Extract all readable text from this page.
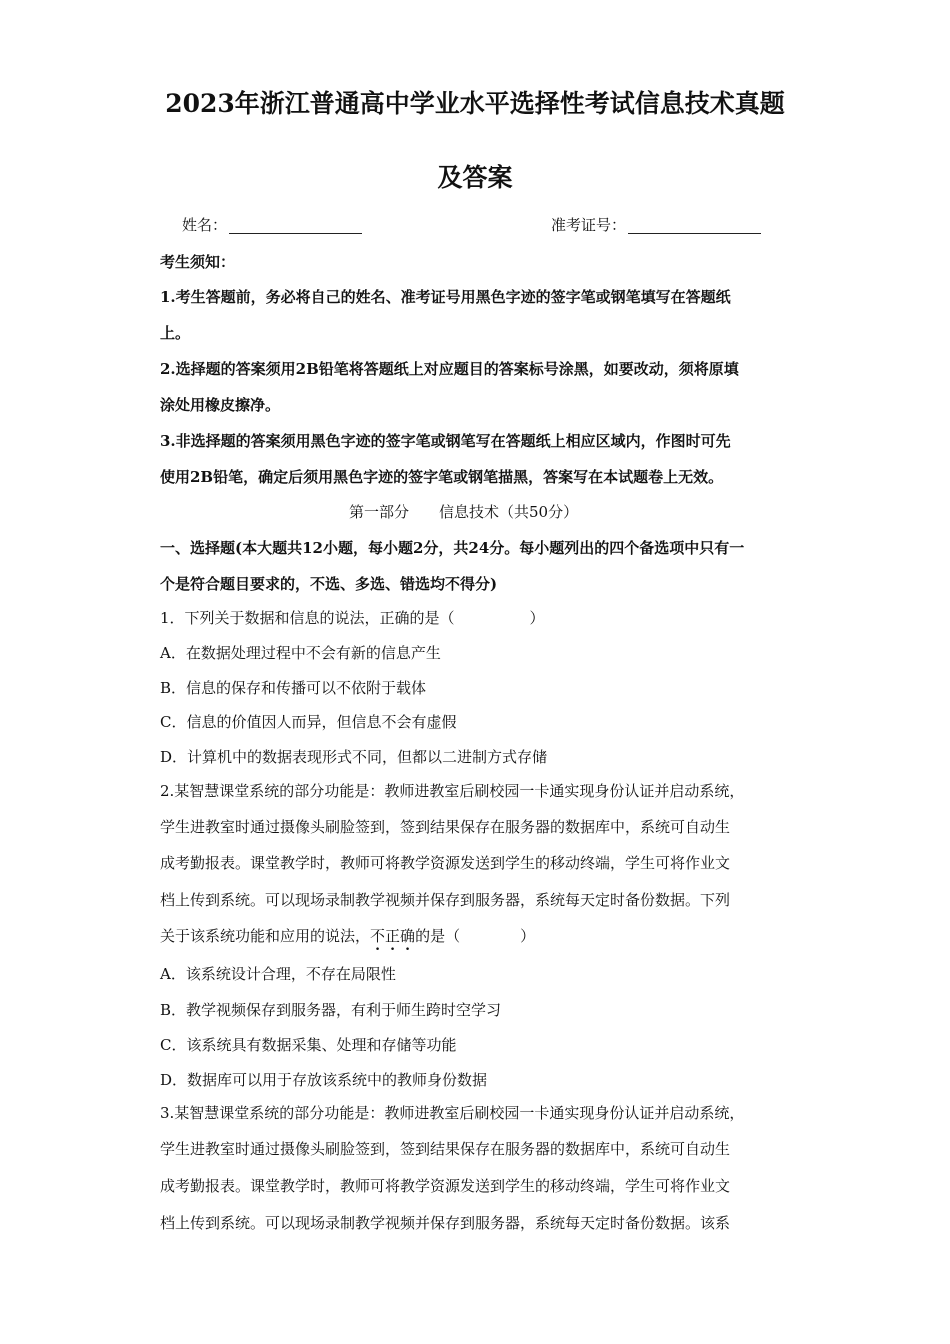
2023年浙江普通高中学业水平选择性考试信息技术真题
及答案
姓名：	准考证号：
考生须知：
1.考生答题前，务必将自己的姓名、准考证号用黑色字迹的签字笔或钢笔填写在答题纸
上。
2.选择题的答案须用2B铅笔将答题纸上对应题目的答案标号涂黑，如要改动，须将原填
涂处用橡皮擦净。
3.非选择题的答案须用黑色字迹的签字笔或钢笔写在答题纸上相应区域内，作图时可先
使用2B铅笔，确定后须用黑色字迹的签字笔或钢笔描黑，答案写在本试题卷上无效。
第一部分　　信息技术（共50分）
一、选择题(本大题共12小题，每小题2分，共24分。每小题列出的四个备选项中只有一
个是符合题目要求的，不选、多选、错选均不得分)
1．下列关于数据和信息的说法，正确的是（　　　　　）
A．在数据处理过程中不会有新的信息产生
B．信息的保存和传播可以不依附于载体
C．信息的价值因人而异，但信息不会有虚假
D．计算机中的数据表现形式不同，但都以二进制方式存储
2.某智慧课堂系统的部分功能是：教师进教室后刷校园一卡通实现身份认证并启动系统，
学生进教室时通过摄像头刷脸签到，签到结果保存在服务器的数据库中，系统可自动生
成考勤报表。课堂教学时，教师可将教学资源发送到学生的移动终端，学生可将作业文
档上传到系统。可以现场录制教学视频并保存到服务器，系统每天定时备份数据。下列
关于该系统功能和应用的说法，不正确的是（　　　　）
A．该系统设计合理，不存在局限性
B．教学视频保存到服务器，有利于师生跨时空学习
C．该系统具有数据采集、处理和存储等功能
D．数据库可以用于存放该系统中的教师身份数据
3.某智慧课堂系统的部分功能是：教师进教室后刷校园一卡通实现身份认证并启动系统，
学生进教室时通过摄像头刷脸签到，签到结果保存在服务器的数据库中，系统可自动生
成考勤报表。课堂教学时，教师可将教学资源发送到学生的移动终端，学生可将作业文
档上传到系统。可以现场录制教学视频并保存到服务器，系统每天定时备份数据。该系
